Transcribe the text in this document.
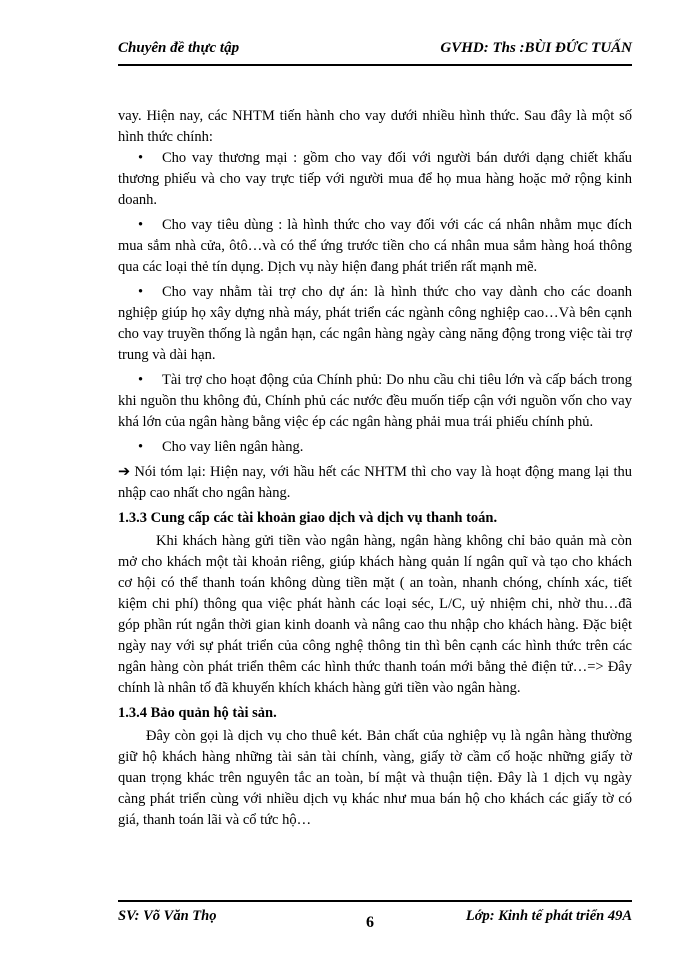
Chuyên đề thực tập	GVHD: Ths :BÙI ĐỨC TUẤN

vay. Hiện nay, các NHTM tiến hành cho vay dưới nhiều hình thức. Sau đây là một số hình thức chính:

• Cho vay thương mại : gồm cho vay đối với người bán dưới dạng chiết khấu thương phiếu và cho vay trực tiếp với người mua để họ mua hàng hoặc mở rộng kinh doanh.
• Cho vay tiêu dùng : là hình thức cho vay đối với các cá nhân nhằm mục đích mua sắm nhà cửa, ôtô…và có thể ứng trước tiền cho cá nhân mua sắm hàng hoá thông qua các loại thẻ tín dụng. Dịch vụ này hiện đang phát triển rất mạnh mẽ.
• Cho vay nhằm tài trợ cho dự án: là hình thức cho vay dành cho các doanh nghiệp giúp họ xây dựng nhà máy, phát triển các ngành công nghiệp cao…Và bên cạnh cho vay truyền thống là ngắn hạn, các ngân hàng ngày càng năng động trong việc tài trợ trung và dài hạn.
• Tài trợ cho hoạt động của Chính phủ: Do nhu cầu chi tiêu lớn và cấp bách trong khi nguồn thu không đủ, Chính phủ các nước đều muốn tiếp cận với nguồn vốn cho vay khá lớn của ngân hàng bằng việc ép các ngân hàng phải mua trái phiếu chính phủ.
• Cho vay liên ngân hàng.

➔ Nói tóm lại: Hiện nay, với hầu hết các NHTM thì cho vay là hoạt động mang lại thu nhập cao nhất cho ngân hàng.

1.3.3 Cung cấp các tài khoản giao dịch và dịch vụ thanh toán.

Khi khách hàng gửi tiền vào ngân hàng, ngân hàng không chỉ bảo quản mà còn mở cho khách một tài khoản riêng, giúp khách hàng quản lí ngân quĩ và tạo cho khách cơ hội có thể thanh toán không dùng tiền mặt ( an toàn, nhanh chóng, chính xác, tiết kiệm chi phí) thông qua việc phát hành các loại séc, L/C, uỷ nhiệm chi, nhờ thu…đã góp phần rút ngắn thời gian kinh doanh và nâng cao thu nhập cho khách hàng. Đặc biệt ngày nay với sự phát triển của công nghệ thông tin thì bên cạnh các hình thức trên các ngân hàng còn phát triển thêm các hình thức thanh toán mới bằng thẻ điện tử…=> Đây chính là nhân tố đã khuyến khích khách hàng gửi tiền vào ngân hàng.

1.3.4 Bảo quản hộ tài sản.

Đây còn gọi là dịch vụ cho thuê két. Bản chất của nghiệp vụ là ngân hàng thường giữ hộ khách hàng những tài sản tài chính, vàng, giấy tờ cầm cố hoặc những giấy tờ quan trọng khác trên nguyên tắc an toàn, bí mật và thuận tiện. Đây là 1 dịch vụ ngày càng phát triển cùng với nhiều dịch vụ khác như mua bán hộ cho khách các giấy tờ có giá, thanh toán lãi và cổ tức hộ…

SV: Võ Văn Thọ	6	Lớp: Kinh tế phát triển 49A
